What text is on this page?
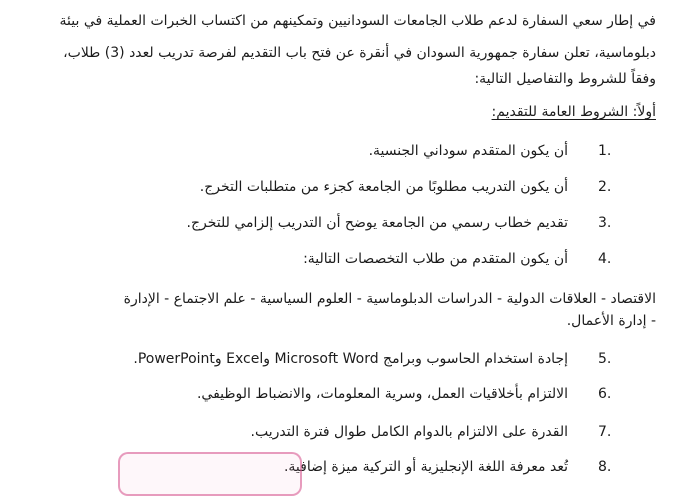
في إطار سعي السفارة لدعم طلاب الجامعات السودانيين وتمكينهم من اكتساب الخبرات العملية في بيئة
دبلوماسية، تعلن سفارة جمهورية السودان في أنقرة عن فتح باب التقديم لفرصة تدريب لعدد (3) طلاب،
وفقاً للشروط والتفاصيل التالية:
أولاً: الشروط العامة للتقديم:
1.
أن يكون المتقدم سوداني الجنسية.
2.
أن يكون التدريب مطلوبًا من الجامعة كجزء من متطلبات التخرج.
3.
تقديم خطاب رسمي من الجامعة يوضح أن التدريب إلزامي للتخرج.
4.
أن يكون المتقدم من طلاب التخصصات التالية:
الاقتصاد - العلاقات الدولية - الدراسات الدبلوماسية - العلوم السياسية - علم الاجتماع - الإدارة
- إدارة الأعمال.
5.
إجادة استخدام الحاسوب وبرامج Microsoft Word وExcel وPowerPoint.
6.
الالتزام بأخلاقيات العمل، وسرية المعلومات، والانضباط الوظيفي.
7.
القدرة على الالتزام بالدوام الكامل طوال فترة التدريب.
8.
تُعد معرفة اللغة الإنجليزية أو التركية ميزة إضافية.
